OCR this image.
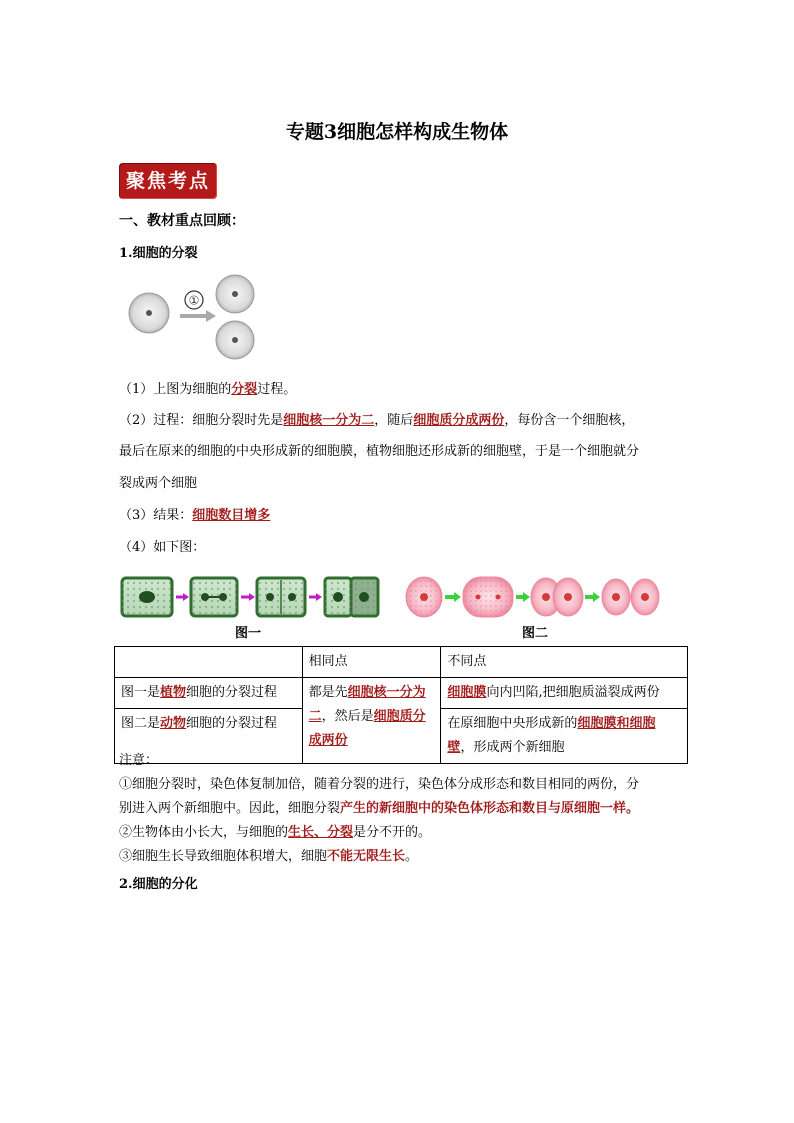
专题3细胞怎样构成生物体
聚焦考点
一、教材重点回顾：
1.细胞的分裂
①
（1）上图为细胞的分裂过程。
（2）过程：细胞分裂时先是细胞核一分为二，随后细胞质分成两份，每份含一个细胞核，
最后在原来的细胞的中央形成新的细胞膜，植物细胞还形成新的细胞壁，于是一个细胞就分
裂成两个细胞
（3）结果：细胞数目增多
（4）如下图：
图一	图二
	相同点	不同点
图一是植物细胞的分裂过程	都是先细胞核一分为二，然后是细胞质分成两份	细胞膜向内凹陷,把细胞质溢裂成两份
图二是动物细胞的分裂过程		在原细胞中央形成新的细胞膜和细胞壁，形成两个新细胞
注意：
①细胞分裂时，染色体复制加倍，随着分裂的进行，染色体分成形态和数目相同的两份，分
别进入两个新细胞中。因此，细胞分裂产生的新细胞中的染色体形态和数目与原细胞一样。
②生物体由小长大，与细胞的生长、分裂是分不开的。
③细胞生长导致细胞体积增大，细胞不能无限生长。
2.细胞的分化
